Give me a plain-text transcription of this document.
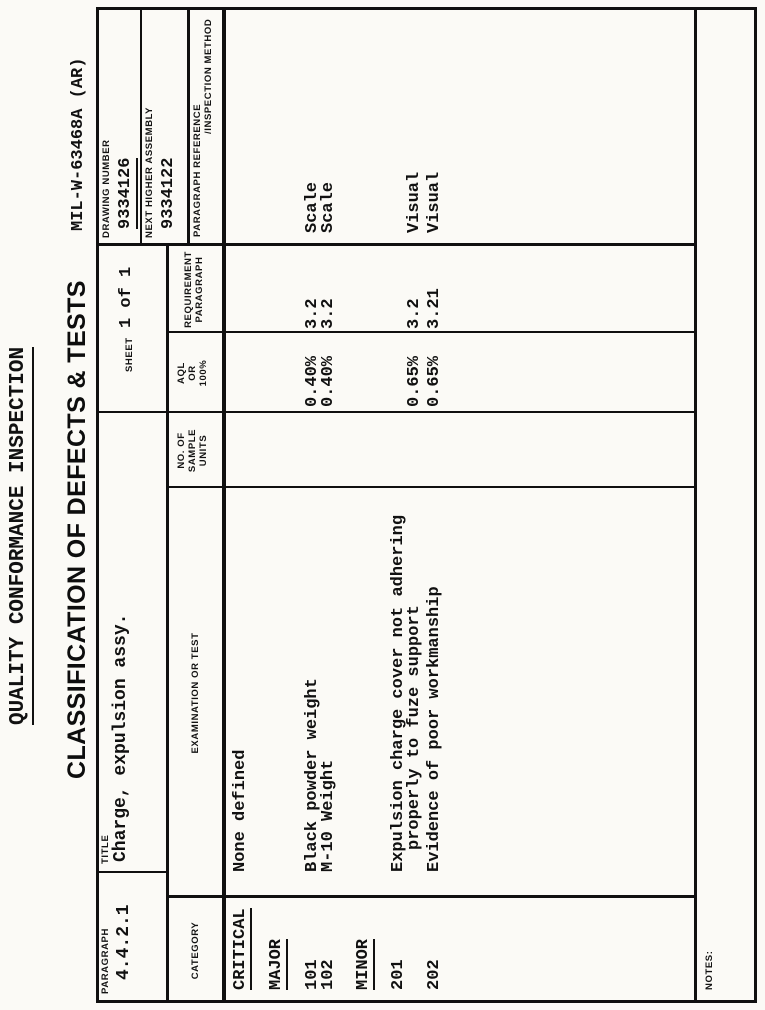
QUALITY CONFORMANCE INSPECTION CLASSIFICATION OF DEFECTS & TESTS
MIL-W-63468A (AR)
PARAGRAPH 4.4.2.1
TITLE Charge, expulsion assy.
SHEET
1 of 1
DRAWING NUMBER 9334126 NEXT HIGHER ASSEMBLY 9334122
CATEGORY
EXAMINATION OR TEST
NO. OF SAMPLE UNITS
AQL OR 100%
REQUIREMENT PARAGRAPH
PARAGRAPH REFERENCE
/INSPECTION METHOD
CRITICAL
None defined
MAJOR 101
Black powder weight
0.40%
3.2
Scale
102
M-10 Weight
0.40%
3.2
Scale
MINOR 201
Expulsion charge cover not adhering
properly to fuze support
0.65%
3.2
Visual
202
Evidence of poor workmanship
0.65%
3.21
Visual
NOTES:
